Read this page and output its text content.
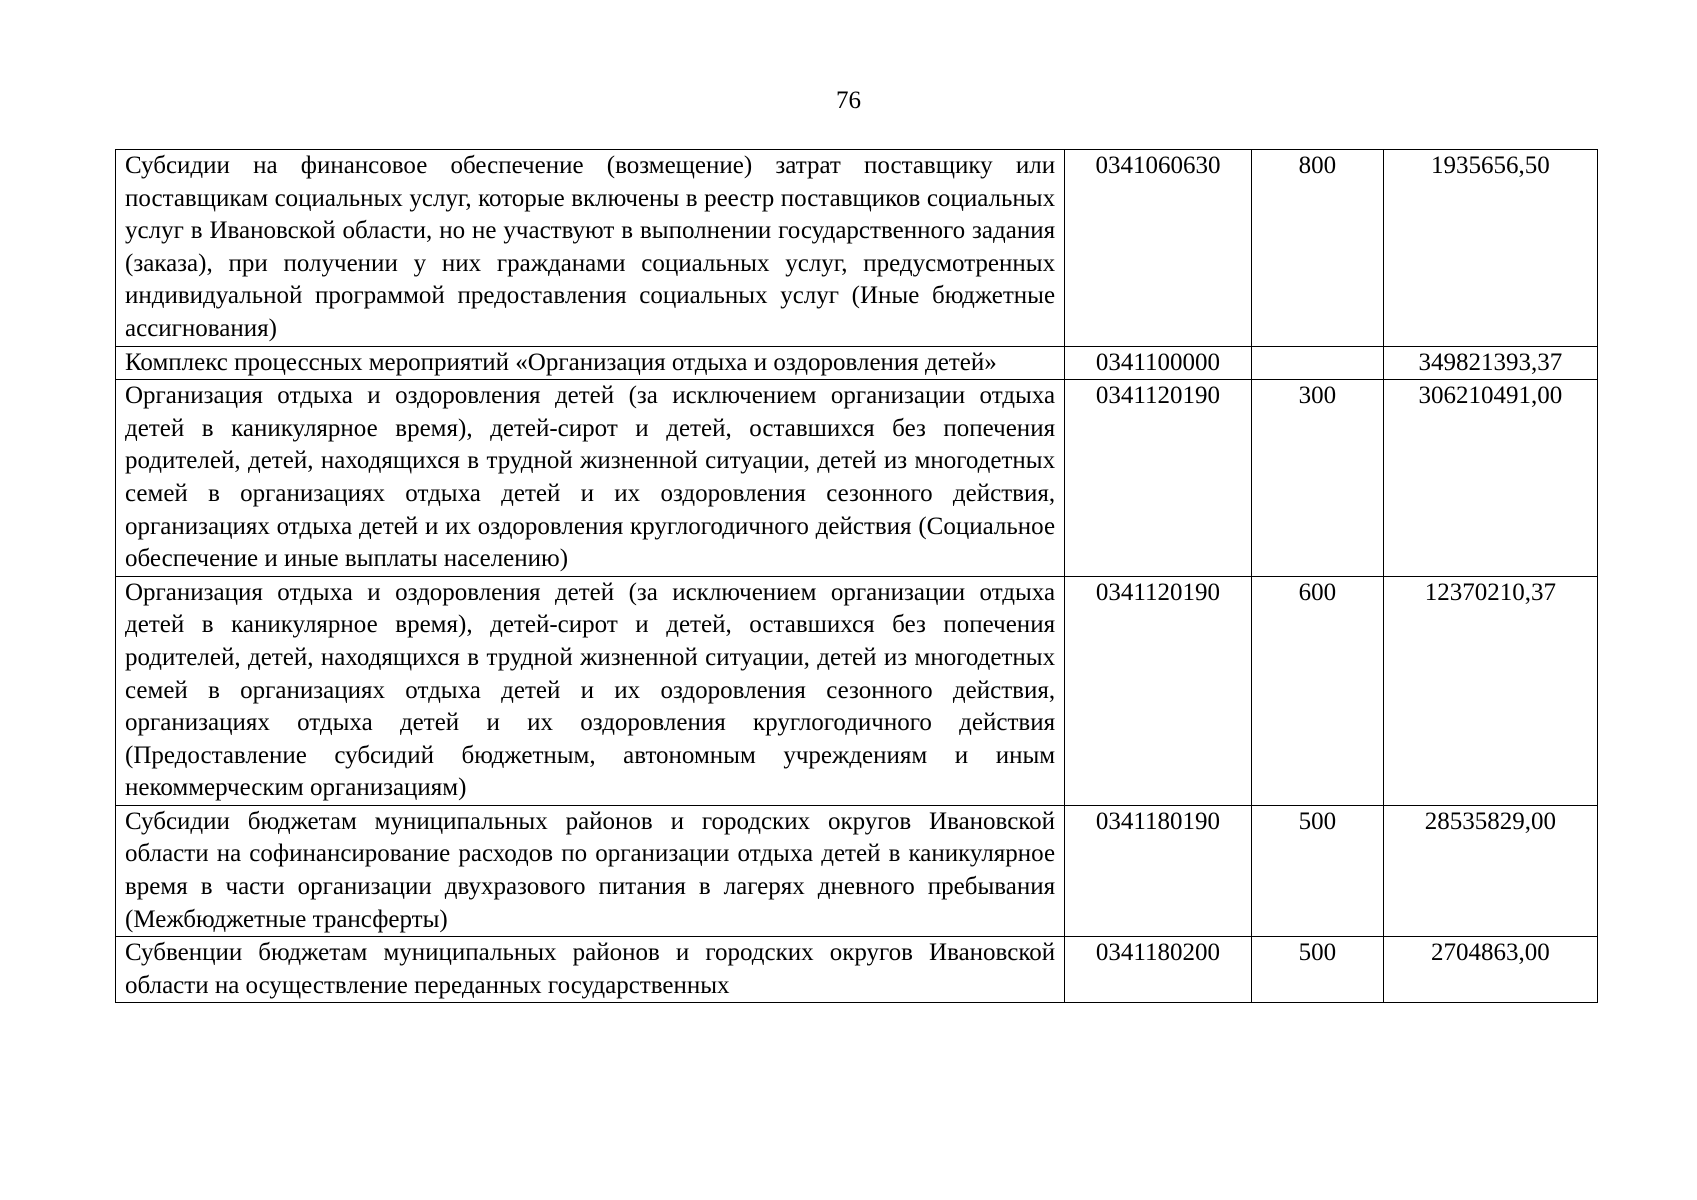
76
Субсидии на финансовое обеспечение (возмещение) затрат поставщику или поставщикам социальных услуг, которые включены в реестр поставщиков социальных услуг в Ивановской области, но не участвуют в выполнении государственного задания (заказа), при получении у них гражданами социальных услуг, предусмотренных индивидуальной программой предоставления социальных услуг (Иные бюджетные ассигнования)	0341060630	800	1935656,50
Комплекс процессных мероприятий «Организация отдыха и оздоровления детей»	0341100000		349821393,37
Организация отдыха и оздоровления детей (за исключением организации отдыха детей в каникулярное время), детей-сирот и детей, оставшихся без попечения родителей, детей, находящихся в трудной жизненной ситуации, детей из многодетных семей в организациях отдыха детей и их оздоровления сезонного действия, организациях отдыха детей и их оздоровления круглогодичного действия (Социальное обеспечение и иные выплаты населению)	0341120190	300	306210491,00
Организация отдыха и оздоровления детей (за исключением организации отдыха детей в каникулярное время), детей-сирот и детей, оставшихся без попечения родителей, детей, находящихся в трудной жизненной ситуации, детей из многодетных семей в организациях отдыха детей и их оздоровления сезонного действия, организациях отдыха детей и их оздоровления круглогодичного действия (Предоставление субсидий бюджетным, автономным учреждениям и иным некоммерческим организациям)	0341120190	600	12370210,37
Субсидии бюджетам муниципальных районов и городских округов Ивановской области на софинансирование расходов по организации отдыха детей в каникулярное время в части организации двухразового питания в лагерях дневного пребывания (Межбюджетные трансферты)	0341180190	500	28535829,00

Субвенции бюджетам муниципальных районов и городских округов Ивановской области на осуществление переданных государственных	0341180200	500	2704863,00
